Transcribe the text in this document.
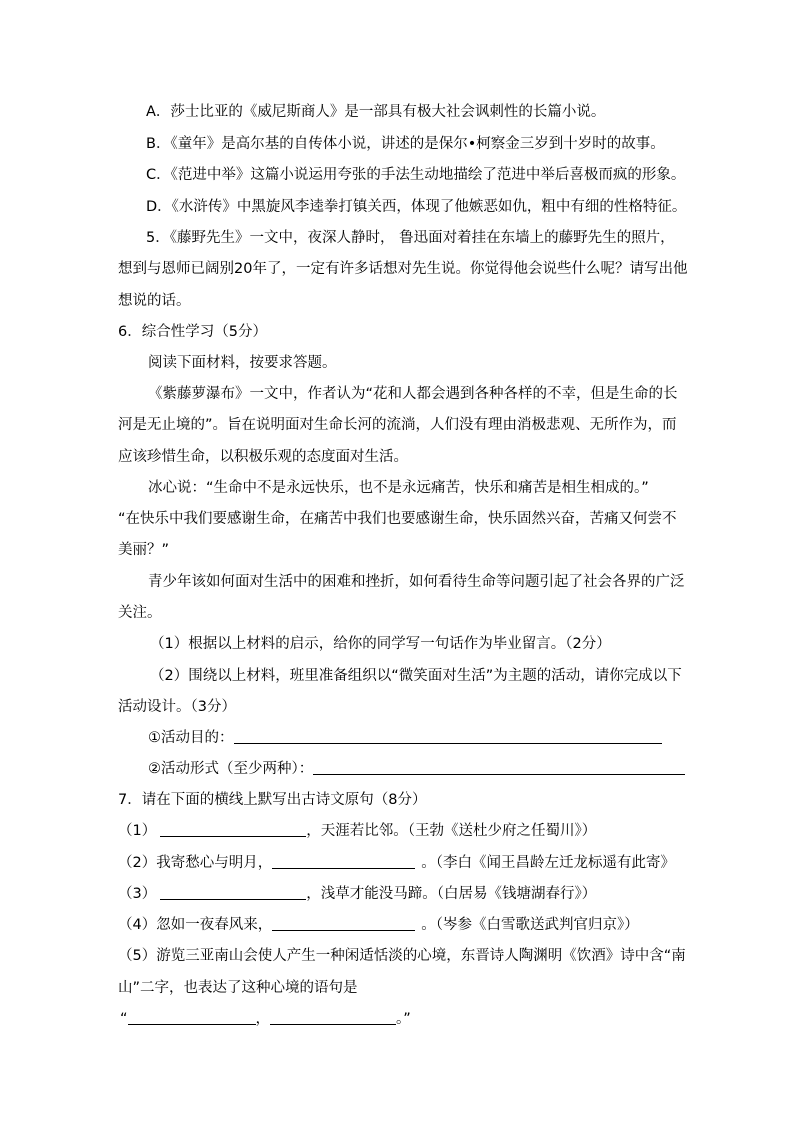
A．莎士比亚的《威尼斯商人》是一部具有极大社会讽刺性的长篇小说。
B．《童年》是高尔基的自传体小说，讲述的是保尔•柯察金三岁到十岁时的故事。
C．《范进中举》这篇小说运用夸张的手法生动地描绘了范进中举后喜极而疯的形象。
D．《水浒传》中黑旋风李逵拳打镇关西，体现了他嫉恶如仇，粗中有细的性格特征。
5．《藤野先生》一文中，夜深人静时， 鲁迅面对着挂在东墙上的藤野先生的照片，
想到与恩师已阔别20年了，一定有许多话想对先生说。你觉得他会说些什么呢？请写出他
想说的话。
6．综合性学习（5分）
阅读下面材料，按要求答题。
《紫藤萝瀑布》一文中，作者认为“花和人都会遇到各种各样的不幸，但是生命的长
河是无止境的”。旨在说明面对生命长河的流淌，人们没有理由消极悲观、无所作为，而
应该珍惜生命，以积极乐观的态度面对生活。
冰心说：“生命中不是永远快乐，也不是永远痛苦，快乐和痛苦是相生相成的。”
“在快乐中我们要感谢生命，在痛苦中我们也要感谢生命，快乐固然兴奋，苦痛又何尝不
美丽？”
青少年该如何面对生活中的困难和挫折，如何看待生命等问题引起了社会各界的广泛
关注。
（1）根据以上材料的启示，给你的同学写一句话作为毕业留言。（2分）
（2）围绕以上材料，班里准备组织以“微笑面对生活”为主题的活动，请你完成以下
活动设计。（3分）
①活动目的：
②活动形式（至少两种）：
7．请在下面的横线上默写出古诗文原句（8分）
（1）	，天涯若比邻。（王勃《送杜少府之任蜀川》）
（2）我寄愁心与明月，	。（李白《闻王昌龄左迁龙标遥有此寄》
（3）	，浅草才能没马蹄。（白居易《钱塘湖春行》）
（4）忽如一夜春风来，	。（岑参《白雪歌送武判官归京》）
（5）游览三亚南山会使人产生一种闲适恬淡的心境，东晋诗人陶渊明《饮酒》诗中含“南
山”二字，也表达了这种心境的语句是
“	，	。”
